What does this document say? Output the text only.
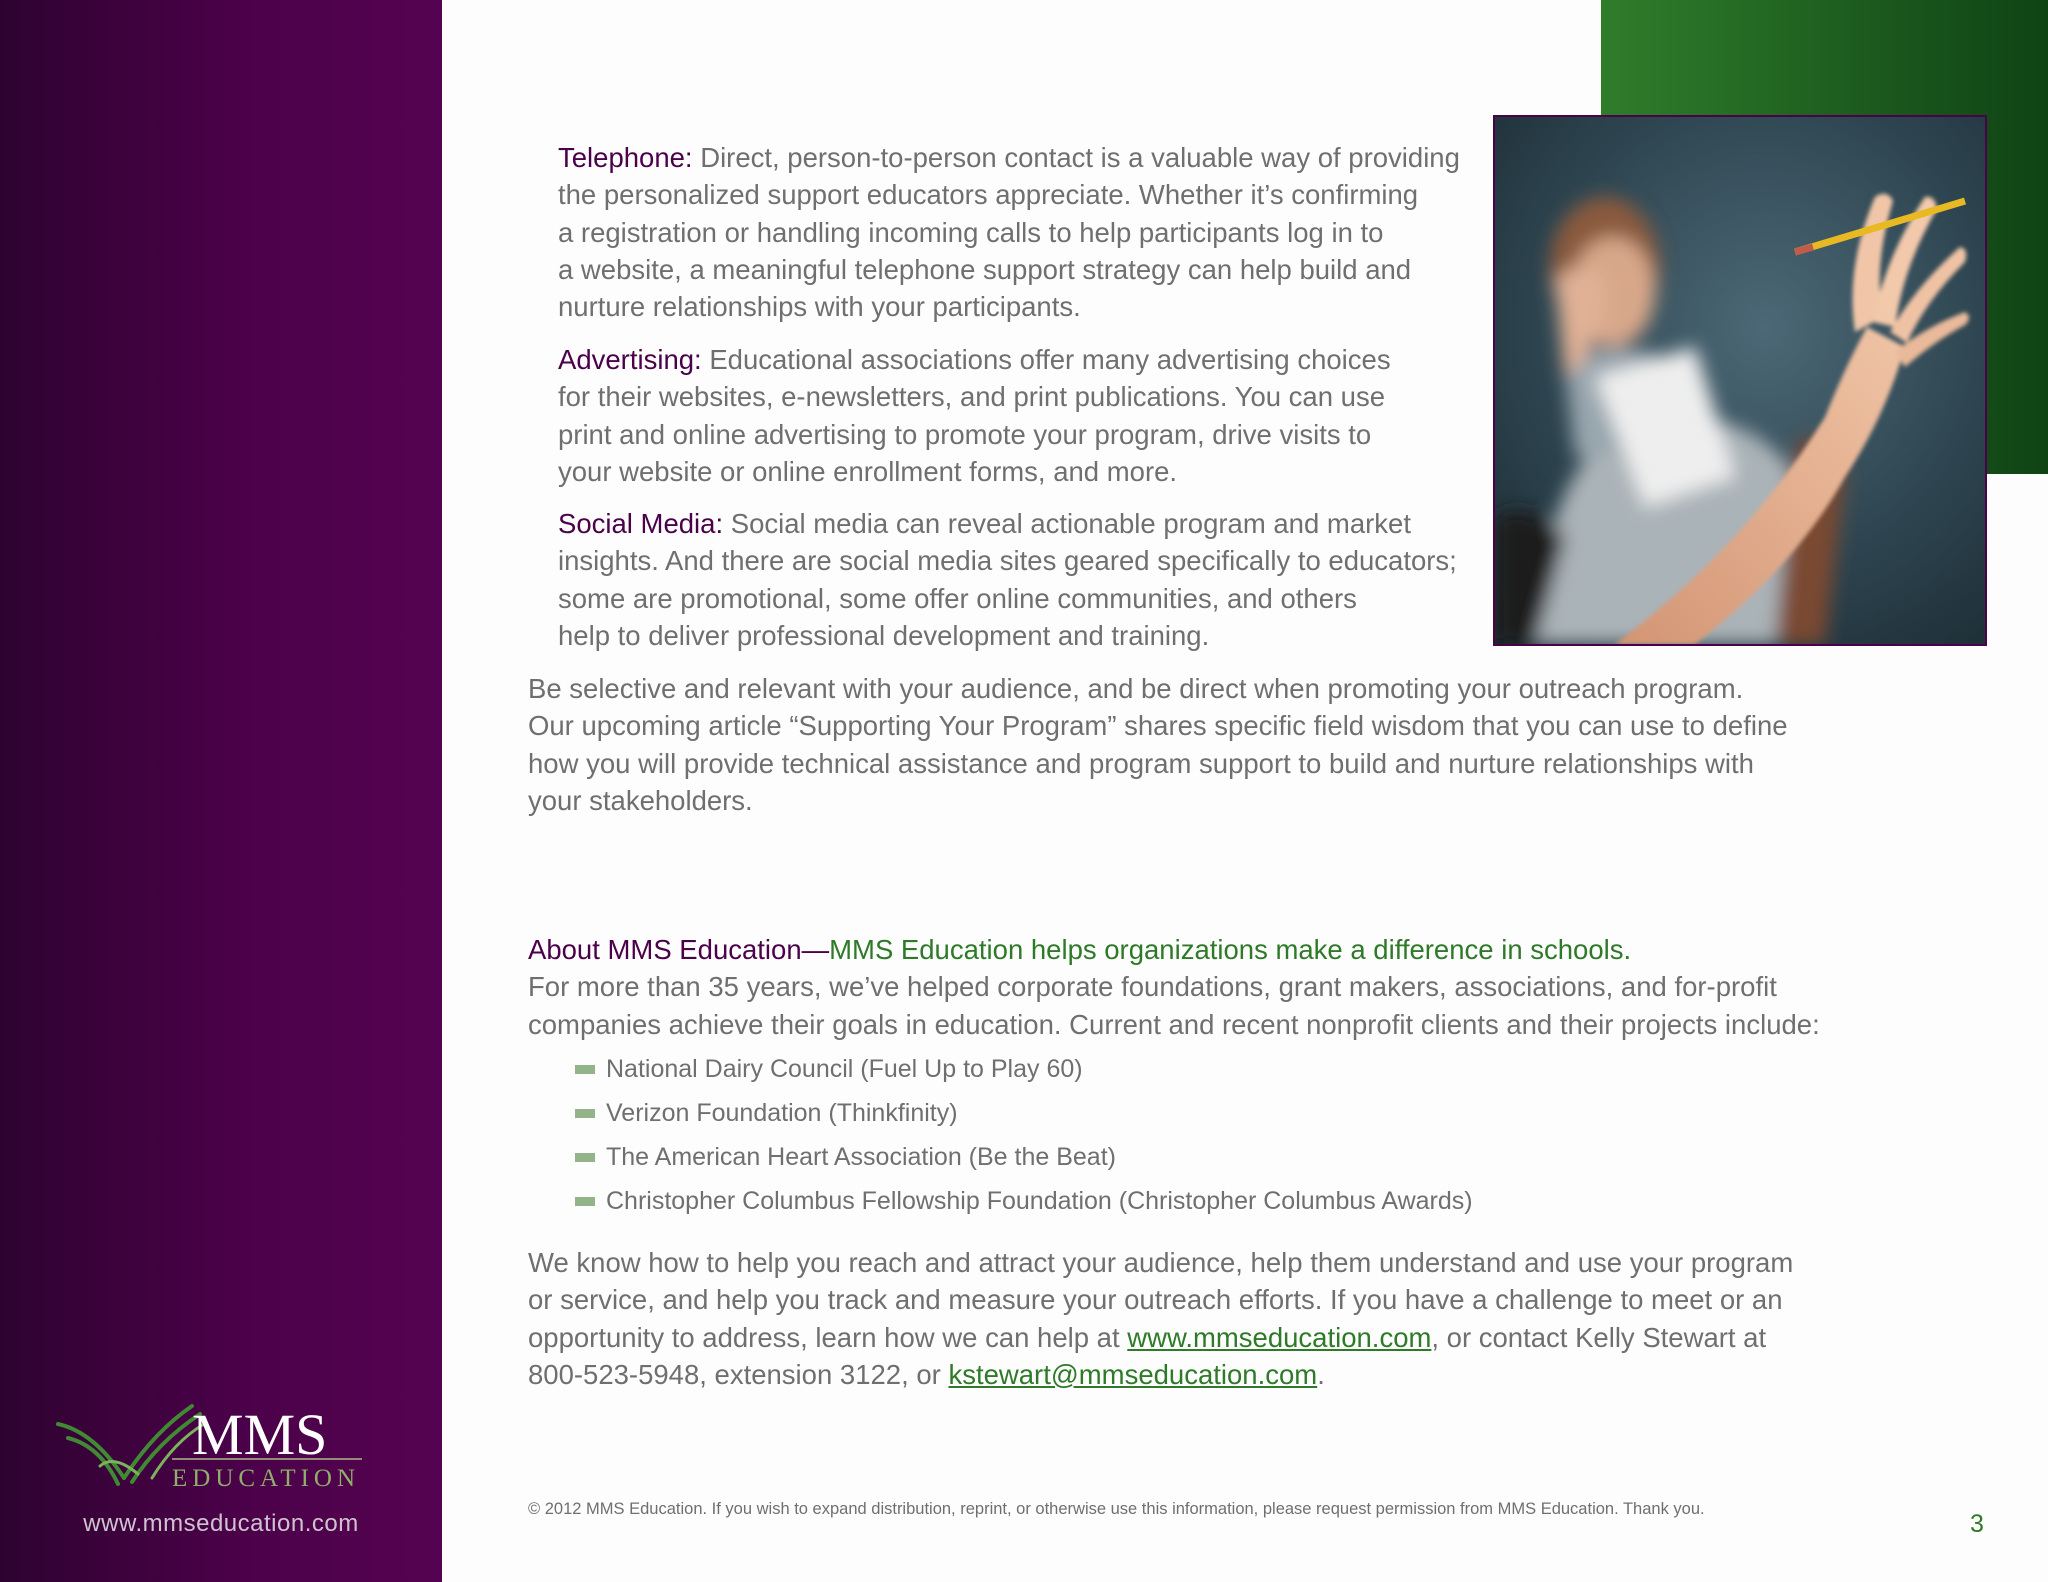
MMS
EDUCATION
www.mmseducation.com

Telephone: Direct, person-to-person contact is a valuable way of providing
the personalized support educators appreciate. Whether it’s confirming
a registration or handling incoming calls to help participants log in to
a website, a meaningful telephone support strategy can help build and
nurture relationships with your participants.

Advertising: Educational associations offer many advertising choices
for their websites, e-newsletters, and print publications. You can use
print and online advertising to promote your program, drive visits to
your website or online enrollment forms, and more.

Social Media: Social media can reveal actionable program and market
insights. And there are social media sites geared specifically to educators;
some are promotional, some offer online communities, and others
help to deliver professional development and training.

Be selective and relevant with your audience, and be direct when promoting your outreach program.
Our upcoming article “Supporting Your Program” shares specific field wisdom that you can use to define
how you will provide technical assistance and program support to build and nurture relationships with
your stakeholders.

About MMS Education—MMS Education helps organizations make a difference in schools.
For more than 35 years, we’ve helped corporate foundations, grant makers, associations, and for-profit
companies achieve their goals in education. Current and recent nonprofit clients and their projects include:

National Dairy Council (Fuel Up to Play 60)
Verizon Foundation (Thinkfinity)
The American Heart Association (Be the Beat)
Christopher Columbus Fellowship Foundation (Christopher Columbus Awards)

We know how to help you reach and attract your audience, help them understand and use your program
or service, and help you track and measure your outreach efforts. If you have a challenge to meet or an
opportunity to address, learn how we can help at www.mmseducation.com, or contact Kelly Stewart at
800-523-5948, extension 3122, or kstewart@mmseducation.com.

© 2012 MMS Education. If you wish to expand distribution, reprint, or otherwise use this information, please request permission from MMS Education. Thank you.
3
